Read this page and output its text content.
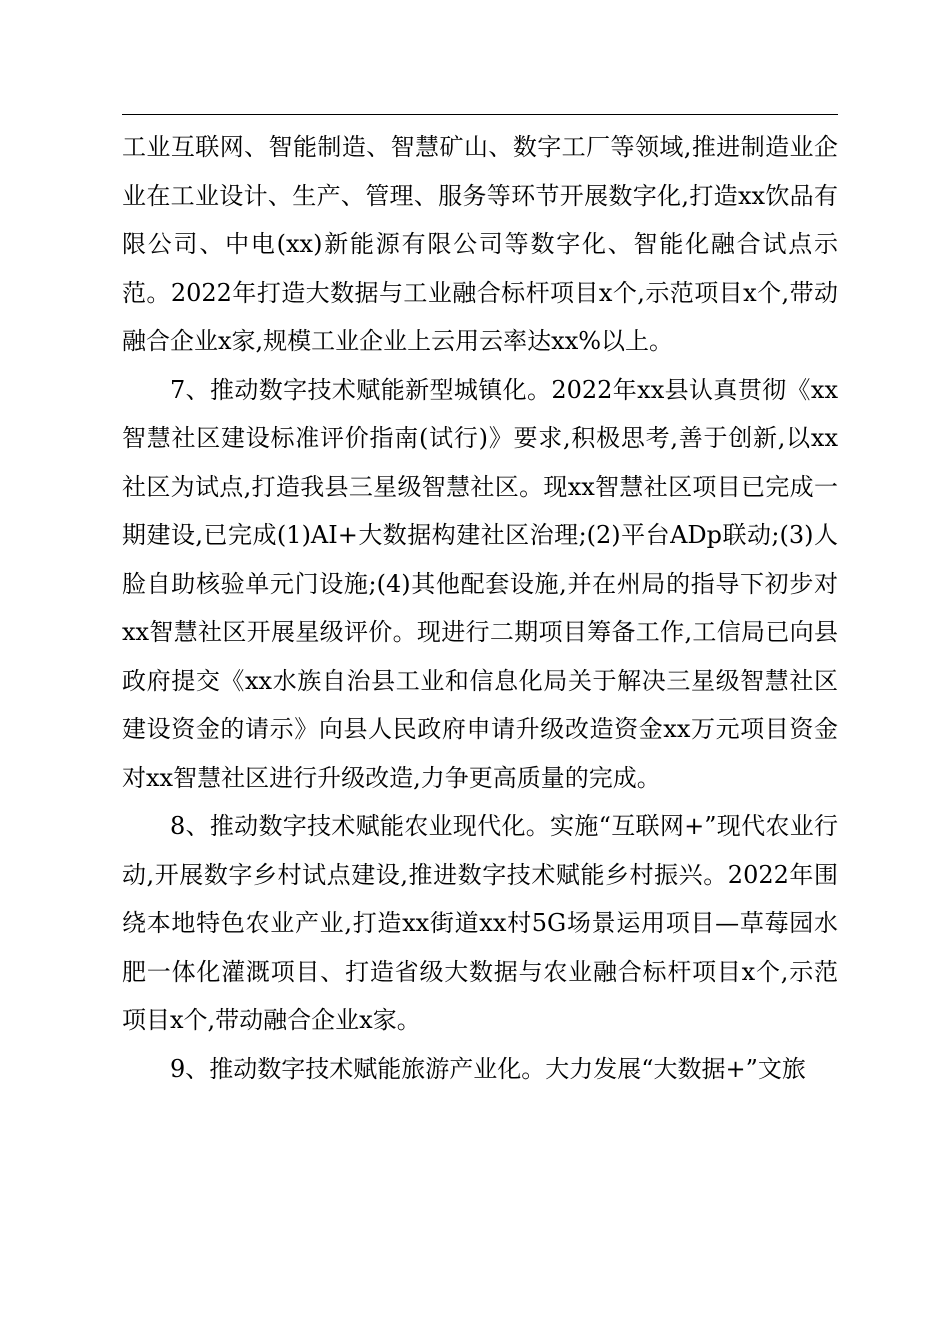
工业互联网、智能制造、智慧矿山、数字工厂等领域,推进制造业企业在工业设计、生产、管理、服务等环节开展数字化,打造xx饮品有限公司、中电(xx)新能源有限公司等数字化、智能化融合试点示范。2022年打造大数据与工业融合标杆项目x个,示范项目x个,带动融合企业x家,规模工业企业上云用云率达xx%以上。

7、推动数字技术赋能新型城镇化。2022年xx县认真贯彻《xx智慧社区建设标准评价指南(试行)》要求,积极思考,善于创新,以xx社区为试点,打造我县三星级智慧社区。现xx智慧社区项目已完成一期建设,已完成(1)AI+大数据构建社区治理;(2)平台ADp联动;(3)人脸自助核验单元门设施;(4)其他配套设施,并在州局的指导下初步对xx智慧社区开展星级评价。现进行二期项目筹备工作,工信局已向县政府提交《xx水族自治县工业和信息化局关于解决三星级智慧社区建设资金的请示》向县人民政府申请升级改造资金xx万元项目资金对xx智慧社区进行升级改造,力争更高质量的完成。

8、推动数字技术赋能农业现代化。实施“互联网+”现代农业行动,开展数字乡村试点建设,推进数字技术赋能乡村振兴。2022年围绕本地特色农业产业,打造xx街道xx村5G场景运用项目—草莓园水肥一体化灌溉项目、打造省级大数据与农业融合标杆项目x个,示范项目x个,带动融合企业x家。

9、推动数字技术赋能旅游产业化。大力发展“大数据+”文旅
